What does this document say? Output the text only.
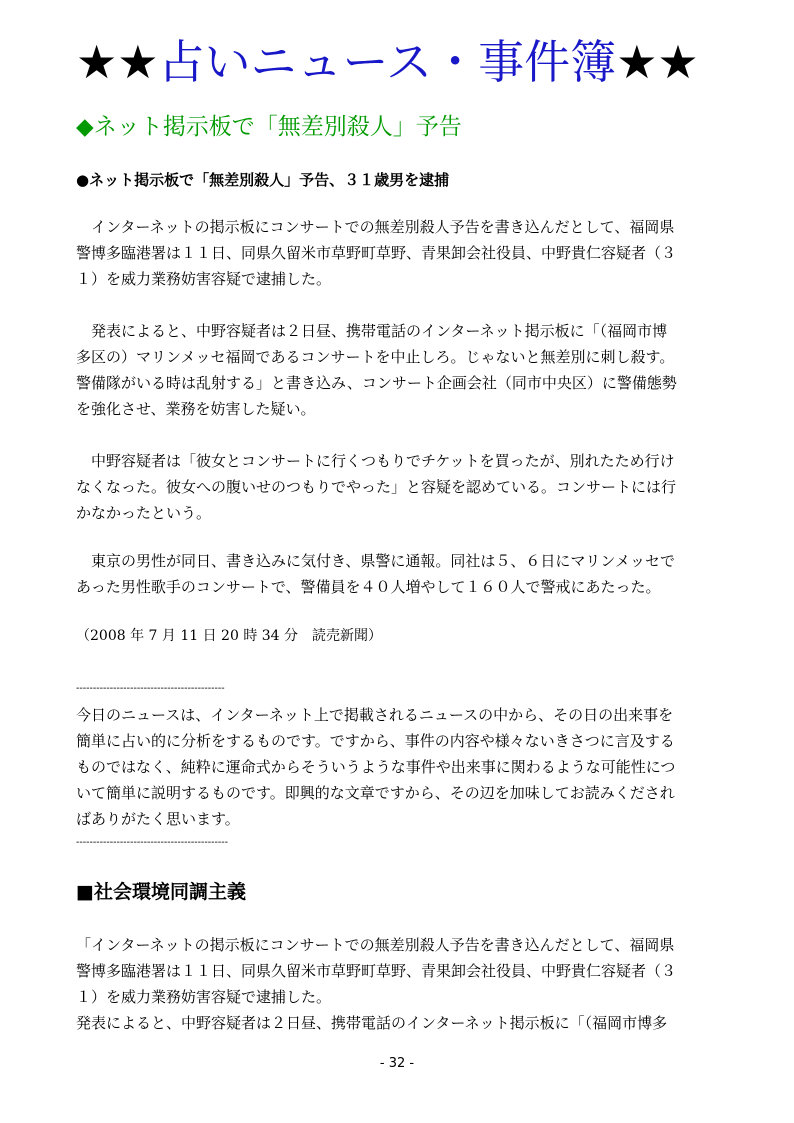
★★占いニュース・事件簿★★
◆ネット掲示板で「無差別殺人」予告
●ネット掲示板で「無差別殺人」予告、３１歳男を逮捕
　インターネットの掲示板にコンサートでの無差別殺人予告を書き込んだとして、福岡県
警博多臨港署は１１日、同県久留米市草野町草野、青果卸会社役員、中野貴仁容疑者（３
１）を威力業務妨害容疑で逮捕した。
　発表によると、中野容疑者は２日昼、携帯電話のインターネット掲示板に「（福岡市博
多区の）マリンメッセ福岡であるコンサートを中止しろ。じゃないと無差別に刺し殺す。
警備隊がいる時は乱射する」と書き込み、コンサート企画会社（同市中央区）に警備態勢
を強化させ、業務を妨害した疑い。
　中野容疑者は「彼女とコンサートに行くつもりでチケットを買ったが、別れたため行け
なくなった。彼女への腹いせのつもりでやった」と容疑を認めている。コンサートには行
かなかったという。
　東京の男性が同日、書き込みに気付き、県警に通報。同社は５、６日にマリンメッセで
あった男性歌手のコンサートで、警備員を４０人増やして１６０人で警戒にあたった。
（2008 年 7 月 11 日 20 時 34 分　読売新聞）
--------------------------------------------
今日のニュースは、インターネット上で掲載されるニュースの中から、その日の出来事を
簡単に占い的に分析をするものです。ですから、事件の内容や様々ないきさつに言及する
ものではなく、純粋に運命式からそういうような事件や出来事に関わるような可能性につ
いて簡単に説明するものです。即興的な文章ですから、その辺を加味してお読みくだされ
ばありがたく思います。
---------------------------------------------
■社会環境同調主義
「インターネットの掲示板にコンサートでの無差別殺人予告を書き込んだとして、福岡県
警博多臨港署は１１日、同県久留米市草野町草野、青果卸会社役員、中野貴仁容疑者（３
１）を威力業務妨害容疑で逮捕した。
発表によると、中野容疑者は２日昼、携帯電話のインターネット掲示板に「（福岡市博多
- 32 -
